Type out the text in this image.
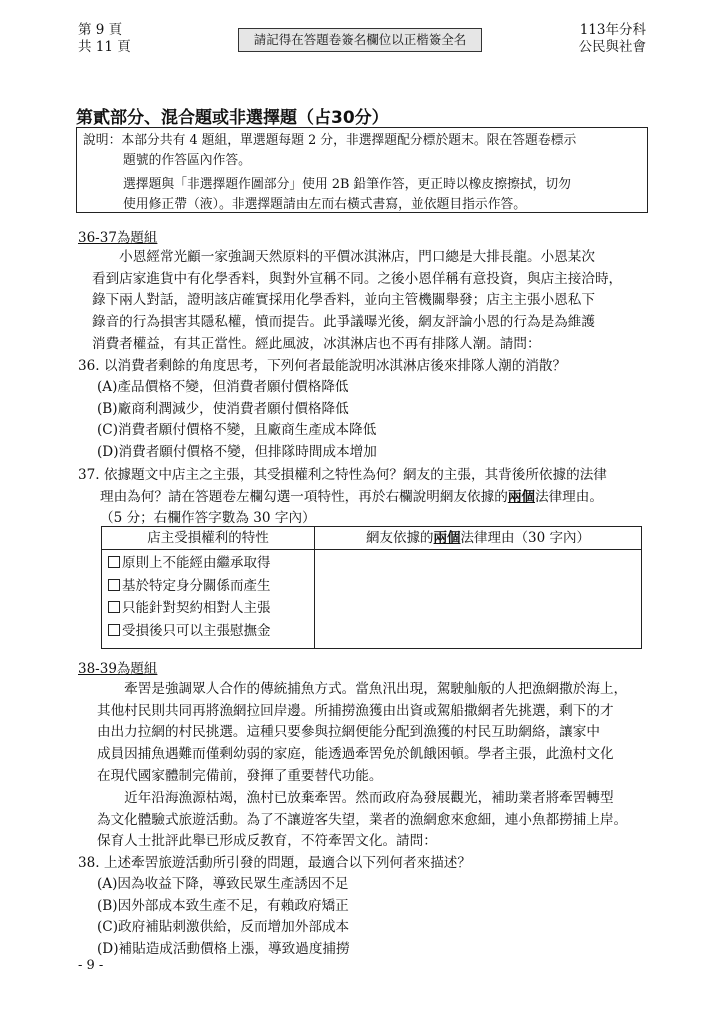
第 9 頁
共 11 頁	請記得在答題卷簽名欄位以正楷簽全名
113年分科
公民與社會
第貳部分、混合題或非選擇題（占30分）
說明：本部分共有 4 題組，單選題每題 2 分，非選擇題配分標於題末。限在答題卷標示
題號的作答區內作答。
選擇題與「非選擇題作圖部分」使用 2B 鉛筆作答，更正時以橡皮擦擦拭，切勿
使用修正帶（液）。非選擇題請由左而右橫式書寫，並依題目指示作答。
36-37為題組
　　小恩經常光顧一家強調天然原料的平價冰淇淋店，門口總是大排長龍。小恩某次
看到店家進貨中有化學香料，與對外宣稱不同。之後小恩佯稱有意投資，與店主接洽時，
錄下兩人對話，證明該店確實採用化學香料，並向主管機關舉發；店主主張小恩私下
錄音的行為損害其隱私權，憤而提告。此爭議曝光後，網友評論小恩的行為是為維護
消費者權益，有其正當性。經此風波，冰淇淋店也不再有排隊人潮。請問：
36. 以消費者剩餘的角度思考，下列何者最能說明冰淇淋店後來排隊人潮的消散？
(A)產品價格不變，但消費者願付價格降低
(B)廠商利潤減少，使消費者願付價格降低
(C)消費者願付價格不變，且廠商生產成本降低
(D)消費者願付價格不變，但排隊時間成本增加
37. 依據題文中店主之主張，其受損權利之特性為何？網友的主張，其背後所依據的法律
理由為何？請在答題卷左欄勾選一項特性，再於右欄說明網友依據的兩個法律理由。
（5 分；右欄作答字數為 30 字內）
店主受損權利的特性	網友依據的兩個法律理由（30 字內）

原則上不能經由繼承取得
基於特定身分關係而產生
只能針對契約相對人主張
受損後只可以主張慰撫金	

38-39為題組
　　牽罟是強調眾人合作的傳統捕魚方式。當魚汛出現，駕駛舢舨的人把漁網撒於海上，
其他村民則共同再將漁網拉回岸邊。所捕撈漁獲由出資或駕船撒網者先挑選，剩下的才
由出力拉網的村民挑選。這種只要參與拉網便能分配到漁獲的村民互助網絡，讓家中
成員因捕魚遇難而僅剩幼弱的家庭，能透過牽罟免於飢餓困頓。學者主張，此漁村文化
在現代國家體制完備前，發揮了重要替代功能。
　　近年沿海漁源枯竭，漁村已放棄牽罟。然而政府為發展觀光，補助業者將牽罟轉型
為文化體驗式旅遊活動。為了不讓遊客失望，業者的漁網愈來愈細，連小魚都撈捕上岸。
保育人士批評此舉已形成反教育，不符牽罟文化。請問：
38. 上述牽罟旅遊活動所引發的問題，最適合以下列何者來描述？
(A)因為收益下降，導致民眾生產誘因不足
(B)因外部成本致生產不足，有賴政府矯正
(C)政府補貼刺激供給，反而增加外部成本
(D)補貼造成活動價格上漲，導致過度捕撈
- 9 -
